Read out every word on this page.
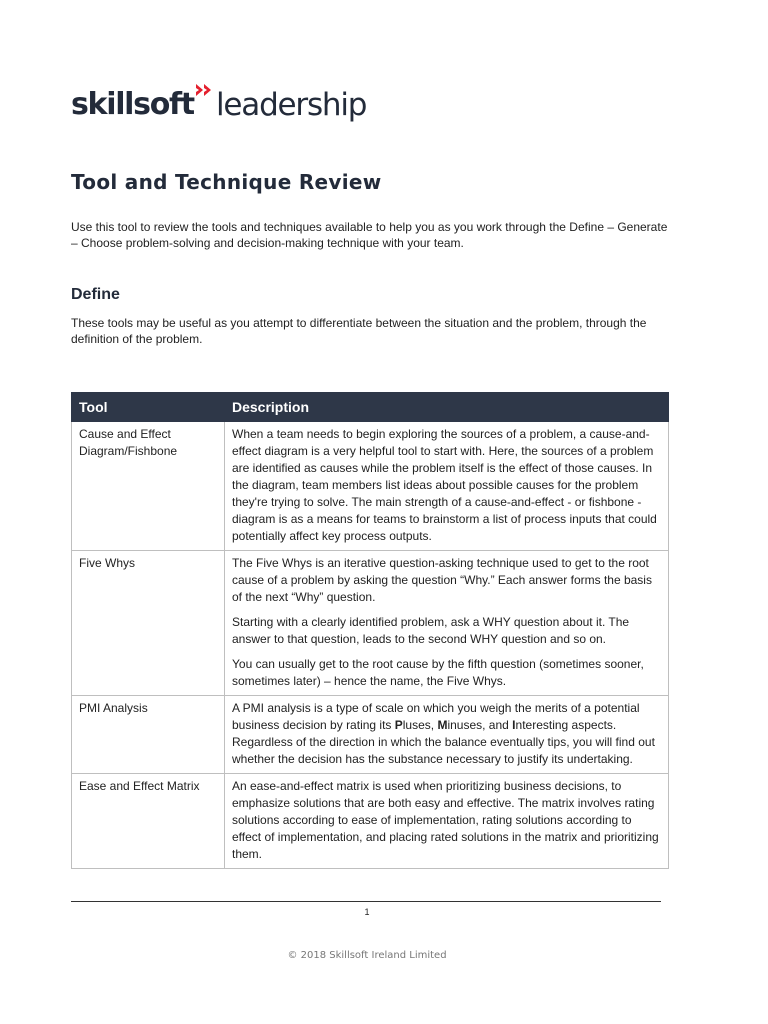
skillsoft leadership
Tool and Technique Review

Use this tool to review the tools and techniques available to help you as you work through the Define – Generate – Choose problem-solving and decision-making technique with your team.

Define

These tools may be useful as you attempt to differentiate between the situation and the problem, through the definition of the problem.

Tool	Description
Cause and Effect Diagram/Fishbone	When a team needs to begin exploring the sources of a problem, a cause-and-effect diagram is a very helpful tool to start with. Here, the sources of a problem are identified as causes while the problem itself is the effect of those causes. In the diagram, team members list ideas about possible causes for the problem they're trying to solve. The main strength of a cause-and-effect - or fishbone - diagram is as a means for teams to brainstorm a list of process inputs that could potentially affect key process outputs.

Five Whys	The Five Whys is an iterative question-asking technique used to get to the root cause of a problem by asking the question “Why.” Each answer forms the basis of the next “Why” question.

Starting with a clearly identified problem, ask a WHY question about it. The answer to that question, leads to the second WHY question and so on.

You can usually get to the root cause by the fifth question (sometimes sooner, sometimes later) – hence the name, the Five Whys.

PMI Analysis	A PMI analysis is a type of scale on which you weigh the merits of a potential business decision by rating its Pluses, Minuses, and Interesting aspects. Regardless of the direction in which the balance eventually tips, you will find out whether the decision has the substance necessary to justify its undertaking.

Ease and Effect Matrix	An ease-and-effect matrix is used when prioritizing business decisions, to emphasize solutions that are both easy and effective. The matrix involves rating solutions according to ease of implementation, rating solutions according to effect of implementation, and placing rated solutions in the matrix and prioritizing them.

1
© 2018 Skillsoft Ireland Limited
